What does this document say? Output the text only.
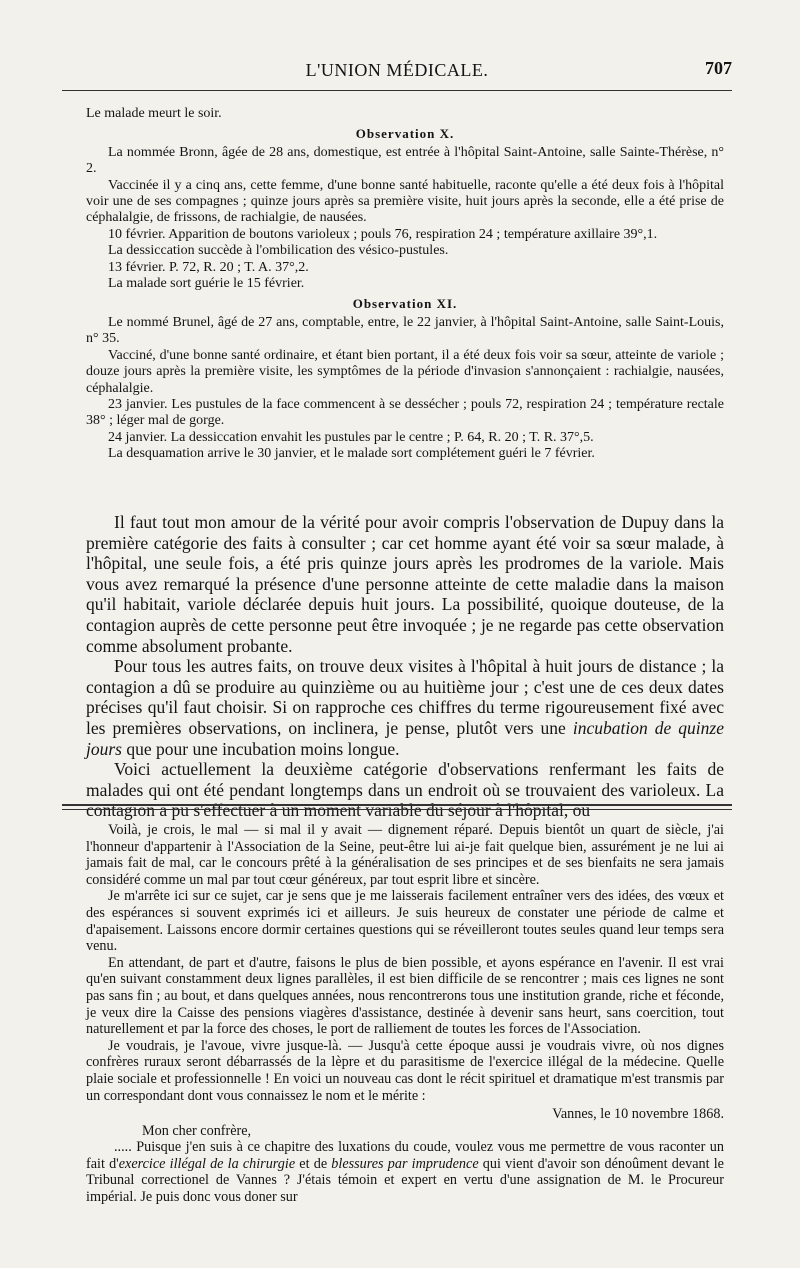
L'UNION MÉDICALE.	707

Le malade meurt le soir.

Observation X.

La nommée Bronn, âgée de 28 ans, domestique, est entrée à l'hôpital Saint-Antoine, salle Sainte-Thérèse, n° 2.

Vaccinée il y a cinq ans, cette femme, d'une bonne santé habituelle, raconte qu'elle a été deux fois à l'hôpital voir une de ses compagnes ; quinze jours après sa première visite, huit jours après la seconde, elle a été prise de céphalalgie, de frissons, de rachialgie, de nausées.

10 février. Apparition de boutons varioleux ; pouls 76, respiration 24 ; température axillaire 39°,1.

La dessiccation succède à l'ombilication des vésico-pustules.

13 février. P. 72, R. 20 ; T. A. 37°,2.

La malade sort guérie le 15 février.

Observation XI.

Le nommé Brunel, âgé de 27 ans, comptable, entre, le 22 janvier, à l'hôpital Saint-Antoine, salle Saint-Louis, n° 35.

Vacciné, d'une bonne santé ordinaire, et étant bien portant, il a été deux fois voir sa sœur, atteinte de variole ; douze jours après la première visite, les symptômes de la période d'invasion s'annonçaient : rachialgie, nausées, céphalalgie.

23 janvier. Les pustules de la face commencent à se dessécher ; pouls 72, respiration 24 ; température rectale 38° ; léger mal de gorge.

24 janvier. La dessiccation envahit les pustules par le centre ; P. 64, R. 20 ; T. R. 37°,5.

La desquamation arrive le 30 janvier, et le malade sort complétement guéri le 7 février.

Il faut tout mon amour de la vérité pour avoir compris l'observation de Dupuy dans la première catégorie des faits à consulter ; car cet homme ayant été voir sa sœur malade, à l'hôpital, une seule fois, a été pris quinze jours après les prodromes de la variole. Mais vous avez remarqué la présence d'une personne atteinte de cette maladie dans la maison qu'il habitait, variole déclarée depuis huit jours. La possibilité, quoique douteuse, de la contagion auprès de cette personne peut être invoquée ; je ne regarde pas cette observation comme absolument probante.

Pour tous les autres faits, on trouve deux visites à l'hôpital à huit jours de distance ; la contagion a dû se produire au quinzième ou au huitième jour ; c'est une de ces deux dates précises qu'il faut choisir. Si on rapproche ces chiffres du terme rigoureusement fixé avec les premières observations, on inclinera, je pense, plutôt vers une incubation de quinze jours que pour une incubation moins longue.

Voici actuellement la deuxième catégorie d'observations renfermant les faits de malades qui ont été pendant longtemps dans un endroit où se trouvaient des varioleux. La contagion a pu s'effectuer à un moment variable du séjour à l'hôpital, ou

Voilà, je crois, le mal — si mal il y avait — dignement réparé. Depuis bientôt un quart de siècle, j'ai l'honneur d'appartenir à l'Association de la Seine, peut-être lui ai-je fait quelque bien, assurément je ne lui ai jamais fait de mal, car le concours prêté à la généralisation de ses principes et de ses bienfaits ne sera jamais considéré comme un mal par tout cœur généreux, par tout esprit libre et sincère.

Je m'arrête ici sur ce sujet, car je sens que je me laisserais facilement entraîner vers des idées, des vœux et des espérances si souvent exprimés ici et ailleurs. Je suis heureux de constater une période de calme et d'apaisement. Laissons encore dormir certaines questions qui se réveilleront toutes seules quand leur temps sera venu.

En attendant, de part et d'autre, faisons le plus de bien possible, et ayons espérance en l'avenir. Il est vrai qu'en suivant constamment deux lignes parallèles, il est bien difficile de se rencontrer ; mais ces lignes ne sont pas sans fin ; au bout, et dans quelques années, nous rencontrerons tous une institution grande, riche et féconde, je veux dire la Caisse des pensions viagères d'assistance, destinée à devenir sans heurt, sans coercition, tout naturellement et par la force des choses, le port de ralliement de toutes les forces de l'Association.

Je voudrais, je l'avoue, vivre jusque-là. — Jusqu'à cette époque aussi je voudrais vivre, où nos dignes confrères ruraux seront débarrassés de la lèpre et du parasitisme de l'exercice illégal de la médecine. Quelle plaie sociale et professionnelle ! En voici un nouveau cas dont le récit spirituel et dramatique m'est transmis par un correspondant dont vous connaissez le nom et le mérite :

Vannes, le 10 novembre 1868.

Mon cher confrère,

..... Puisque j'en suis à ce chapitre des luxations du coude, voulez vous me permettre de vous raconter un fait d'exercice illégal de la chirurgie et de blessures par imprudence qui vient d'avoir son dénoûment devant le Tribunal correctionel de Vannes ? J'étais témoin et expert en vertu d'une assignation de M. le Procureur impérial. Je puis donc vous doner sur
